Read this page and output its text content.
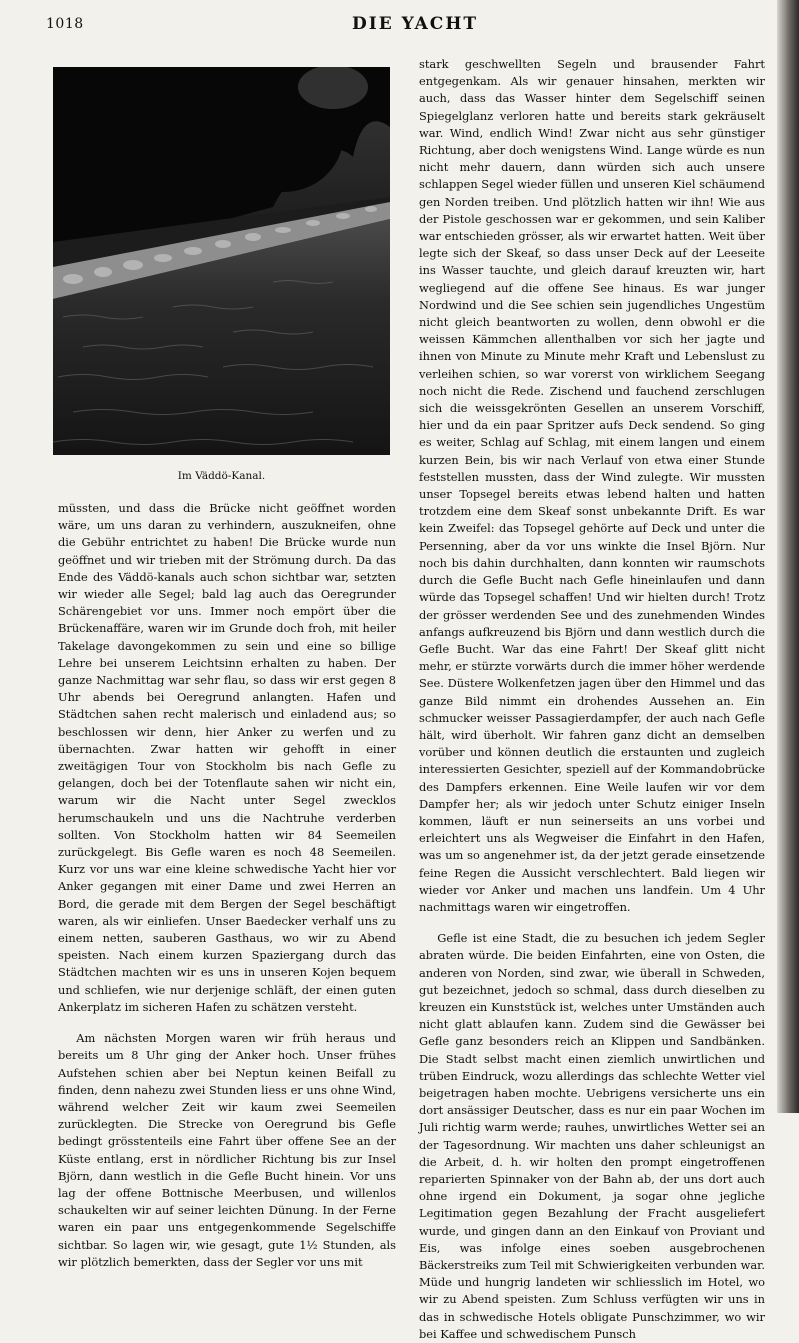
1018	DIE YACHT
Im Väddö-Kanal.

müssten, und dass die Brücke nicht geöffnet worden wäre, um uns daran zu verhindern, auszukneifen, ohne die Gebühr entrichtet zu haben! Die Brücke wurde nun geöffnet und wir trieben mit der Strömung durch. Da das Ende des Väddö-kanals auch schon sichtbar war, setzten wir wieder alle Segel; bald lag auch das Oeregrunder Schärengebiet vor uns. Immer noch empört über die Brückenaffäre, waren wir im Grunde doch froh, mit heiler Takelage davongekommen zu sein und eine so billige Lehre bei unserem Leichtsinn erhalten zu haben. Der ganze Nachmittag war sehr flau, so dass wir erst gegen 8 Uhr abends bei Oeregrund anlangten. Hafen und Städtchen sahen recht malerisch und einladend aus; so beschlossen wir denn, hier Anker zu werfen und zu übernachten. Zwar hatten wir gehofft in einer zweitägigen Tour von Stockholm bis nach Gefle zu gelangen, doch bei der Totenflaute sahen wir nicht ein, warum wir die Nacht unter Segel zwecklos herumschaukeln und uns die Nachtruhe verderben sollten. Von Stockholm hatten wir 84 Seemeilen zurückgelegt. Bis Gefle waren es noch 48 Seemeilen. Kurz vor uns war eine kleine schwedische Yacht hier vor Anker gegangen mit einer Dame und zwei Herren an Bord, die gerade mit dem Bergen der Segel beschäftigt waren, als wir einliefen. Unser Baedecker verhalf uns zu einem netten, sauberen Gasthaus, wo wir zu Abend speisten. Nach einem kurzen Spaziergang durch das Städtchen machten wir es uns in unseren Kojen bequem und schliefen, wie nur derjenige schläft, der einen guten Ankerplatz im sicheren Hafen zu schätzen versteht.

Am nächsten Morgen waren wir früh heraus und bereits um 8 Uhr ging der Anker hoch. Unser frühes Aufstehen schien aber bei Neptun keinen Beifall zu finden, denn nahezu zwei Stunden liess er uns ohne Wind, während welcher Zeit wir kaum zwei Seemeilen zurücklegten. Die Strecke von Oeregrund bis Gefle bedingt grösstenteils eine Fahrt über offene See an der Küste entlang, erst in nördlicher Richtung bis zur Insel Björn, dann westlich in die Gefle Bucht hinein. Vor uns lag der offene Bottnische Meerbusen, und willenlos schaukelten wir auf seiner leichten Dünung. In der Ferne waren ein paar uns entgegenkommende Segelschiffe sichtbar. So lagen wir, wie gesagt, gute 1½ Stunden, als wir plötzlich bemerkten, dass der Segler vor uns mit

stark geschwellten Segeln und brausender Fahrt entgegenkam. Als wir genauer hinsahen, merkten wir auch, dass das Wasser hinter dem Segelschiff seinen Spiegelglanz verloren hatte und bereits stark gekräuselt war. Wind, endlich Wind! Zwar nicht aus sehr günstiger Richtung, aber doch wenigstens Wind. Lange würde es nun nicht mehr dauern, dann würden sich auch unsere schlappen Segel wieder füllen und unseren Kiel schäumend gen Norden treiben. Und plötzlich hatten wir ihn! Wie aus der Pistole geschossen war er gekommen, und sein Kaliber war entschieden grösser, als wir erwartet hatten. Weit über legte sich der Skeaf, so dass unser Deck auf der Leeseite ins Wasser tauchte, und gleich darauf kreuzten wir, hart wegliegend auf die offene See hinaus. Es war junger Nordwind und die See schien sein jugendliches Ungestüm nicht gleich beantworten zu wollen, denn obwohl er die weissen Kämmchen allenthalben vor sich her jagte und ihnen von Minute zu Minute mehr Kraft und Lebenslust zu verleihen schien, so war vorerst von wirklichem Seegang noch nicht die Rede. Zischend und fauchend zerschlugen sich die weissgekrönten Gesellen an unserem Vorschiff, hier und da ein paar Spritzer aufs Deck sendend. So ging es weiter, Schlag auf Schlag, mit einem langen und einem kurzen Bein, bis wir nach Verlauf von etwa einer Stunde feststellen mussten, dass der Wind zulegte. Wir mussten unser Topsegel bereits etwas lebend halten und hatten trotzdem eine dem Skeaf sonst unbekannte Drift. Es war kein Zweifel: das Topsegel gehörte auf Deck und unter die Persenning, aber da vor uns winkte die Insel Björn. Nur noch bis dahin durchhalten, dann konnten wir raumschots durch die Gefle Bucht nach Gefle hineinlaufen und dann würde das Topsegel schaffen! Und wir hielten durch! Trotz der grösser werdenden See und des zunehmenden Windes anfangs aufkreuzend bis Björn und dann westlich durch die Gefle Bucht. War das eine Fahrt! Der Skeaf glitt nicht mehr, er stürzte vorwärts durch die immer höher werdende See. Düstere Wolkenfetzen jagen über den Himmel und das ganze Bild nimmt ein drohendes Aussehen an. Ein schmucker weisser Passagierdampfer, der auch nach Gefle hält, wird überholt. Wir fahren ganz dicht an demselben vorüber und können deutlich die erstaunten und zugleich interessierten Gesichter, speziell auf der Kommandobrücke des Dampfers erkennen. Eine Weile laufen wir vor dem Dampfer her; als wir jedoch unter Schutz einiger Inseln kommen, läuft er nun seinerseits an uns vorbei und erleichtert uns als Wegweiser die Einfahrt in den Hafen, was um so angenehmer ist, da der jetzt gerade einsetzende feine Regen die Aussicht verschlechtert. Bald liegen wir wieder vor Anker und machen uns landfein. Um 4 Uhr nachmittags waren wir eingetroffen.

Gefle ist eine Stadt, die zu besuchen ich jedem Segler abraten würde. Die beiden Einfahrten, eine von Osten, die anderen von Norden, sind zwar, wie überall in Schweden, gut bezeichnet, jedoch so schmal, dass durch dieselben zu kreuzen ein Kunststück ist, welches unter Umständen auch nicht glatt ablaufen kann. Zudem sind die Gewässer bei Gefle ganz besonders reich an Klippen und Sandbänken. Die Stadt selbst macht einen ziemlich unwirtlichen und trüben Eindruck, wozu allerdings das schlechte Wetter viel beigetragen haben mochte. Uebrigens versicherte uns ein dort ansässiger Deutscher, dass es nur ein paar Wochen im Juli richtig warm werde; rauhes, unwirtliches Wetter sei an der Tagesordnung. Wir machten uns daher schleunigst an die Arbeit, d. h. wir holten den prompt eingetroffenen reparierten Spinnaker von der Bahn ab, der uns dort auch ohne irgend ein Dokument, ja sogar ohne jegliche Legitimation gegen Bezahlung der Fracht ausgeliefert wurde, und gingen dann an den Einkauf von Proviant und Eis, was infolge eines soeben ausgebrochenen Bäckerstreiks zum Teil mit Schwierigkeiten verbunden war. Müde und hungrig landeten wir schliesslich im Hotel, wo wir zu Abend speisten. Zum Schluss verfügten wir uns in das in schwedische Hotels obligate Punschzimmer, wo wir bei Kaffee und schwedischem Punsch
